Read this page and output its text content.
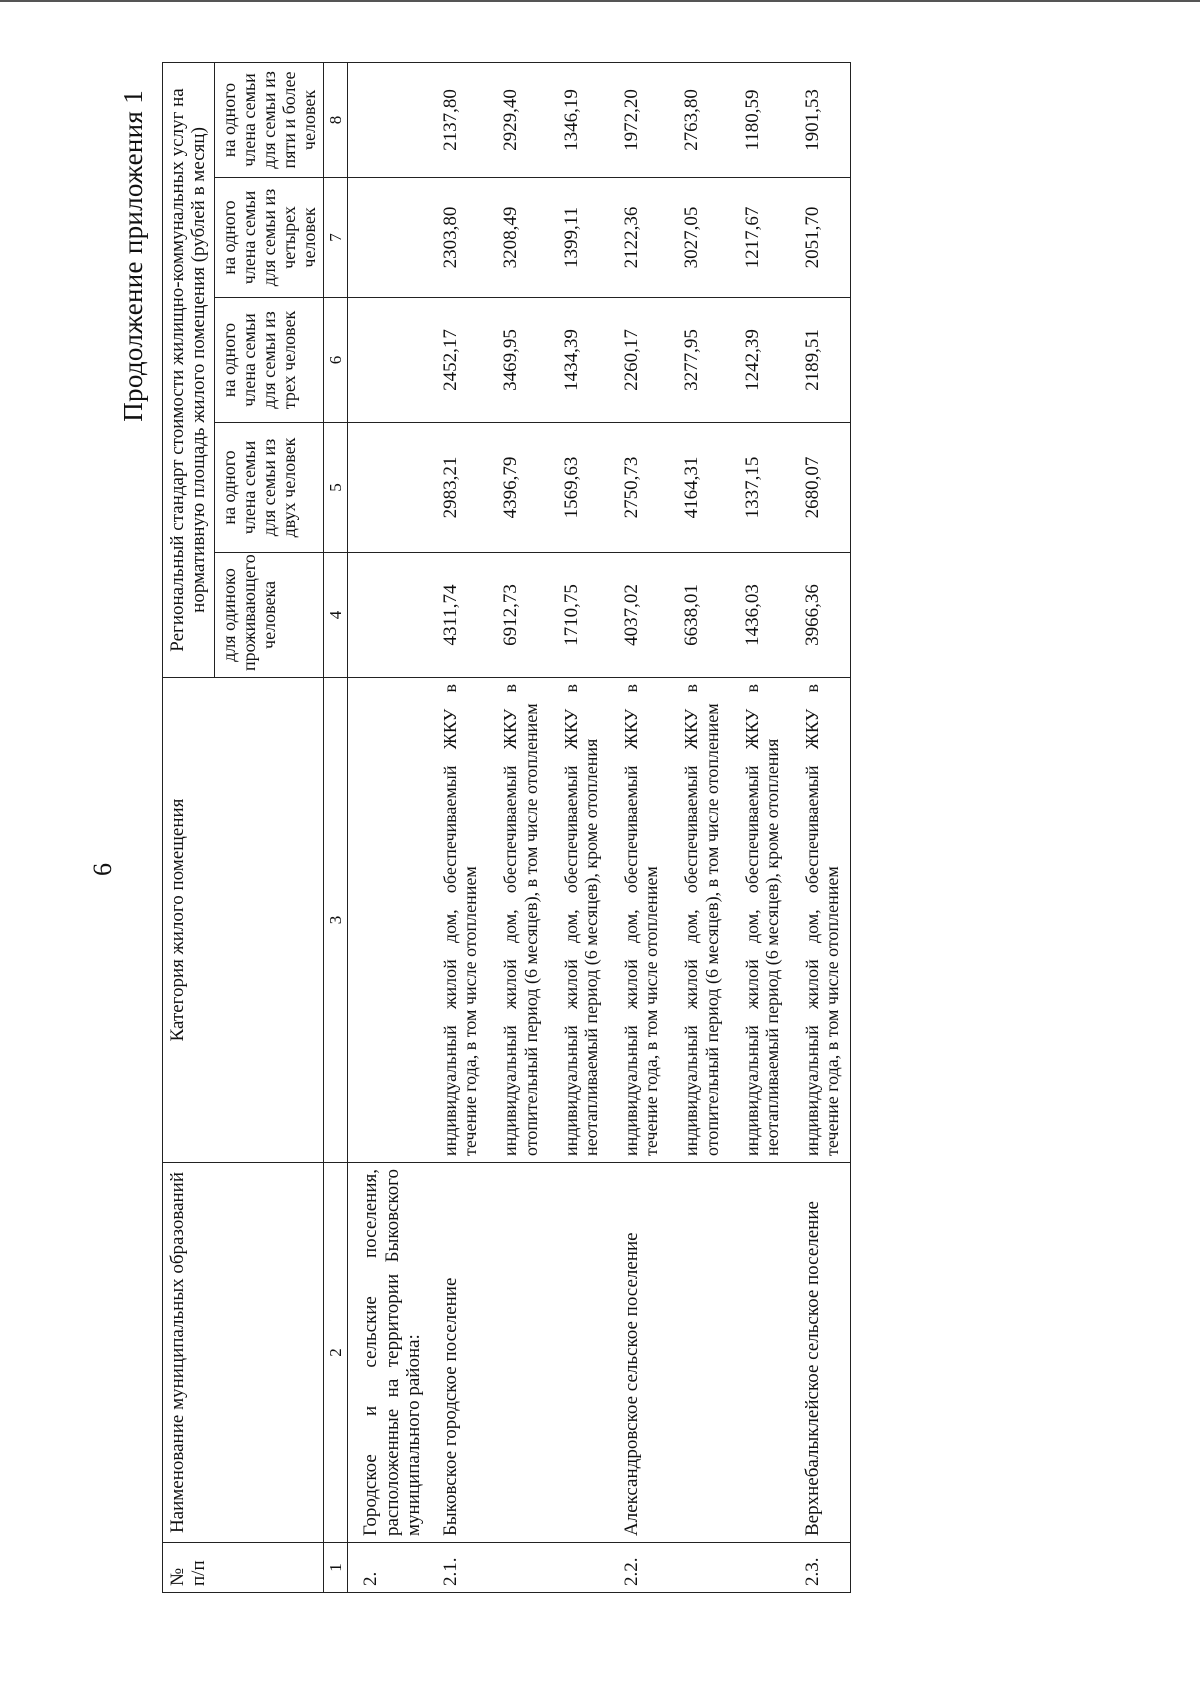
6
Продолжение приложения 1
№ п/п	Наименование муниципальных образований	Категория жилого помещения	Региональный стандарт стоимости жилищно-коммунальных услуг на нормативную площадь жилого помещения (рублей в месяц)				
			для одиноко проживающего человека	на одного члена семьи для семьи из двух человек	на одного члена семьи для семьи из трех человек	на одного члена семьи для семьи из четырех человек	на одного члена семьи для семьи из пяти и более человек
1	2	3	4	5	6	7	8
2.	Городское и сельские поселения, расположенные на территории Быковского муниципального района:						
2.1.	Быковское городское поселение	индивидуальный жилой дом, обеспечиваемый ЖКУ в течение года, в том числе отоплением	4311,74	2983,21	2452,17	2303,80	2137,80
		индивидуальный жилой дом, обеспечиваемый ЖКУ в отопительный период (6 месяцев), в том числе отоплением	6912,73	4396,79	3469,95	3208,49	2929,40
		индивидуальный жилой дом, обеспечиваемый ЖКУ в неотапливаемый период (6 месяцев), кроме отопления	1710,75	1569,63	1434,39	1399,11	1346,19
2.2.	Александровское сельское поселение	индивидуальный жилой дом, обеспечиваемый ЖКУ в течение года, в том числе отоплением	4037,02	2750,73	2260,17	2122,36	1972,20
		индивидуальный жилой дом, обеспечиваемый ЖКУ в отопительный период (6 месяцев), в том числе отоплением	6638,01	4164,31	3277,95	3027,05	2763,80
		индивидуальный жилой дом, обеспечиваемый ЖКУ в неотапливаемый период (6 месяцев), кроме отопления	1436,03	1337,15	1242,39	1217,67	1180,59
2.3.	Верхнебалыклейское сельское поселение	индивидуальный жилой дом, обеспечиваемый ЖКУ в течение года, в том числе отоплением	3966,36	2680,07	2189,51	2051,70	1901,53
